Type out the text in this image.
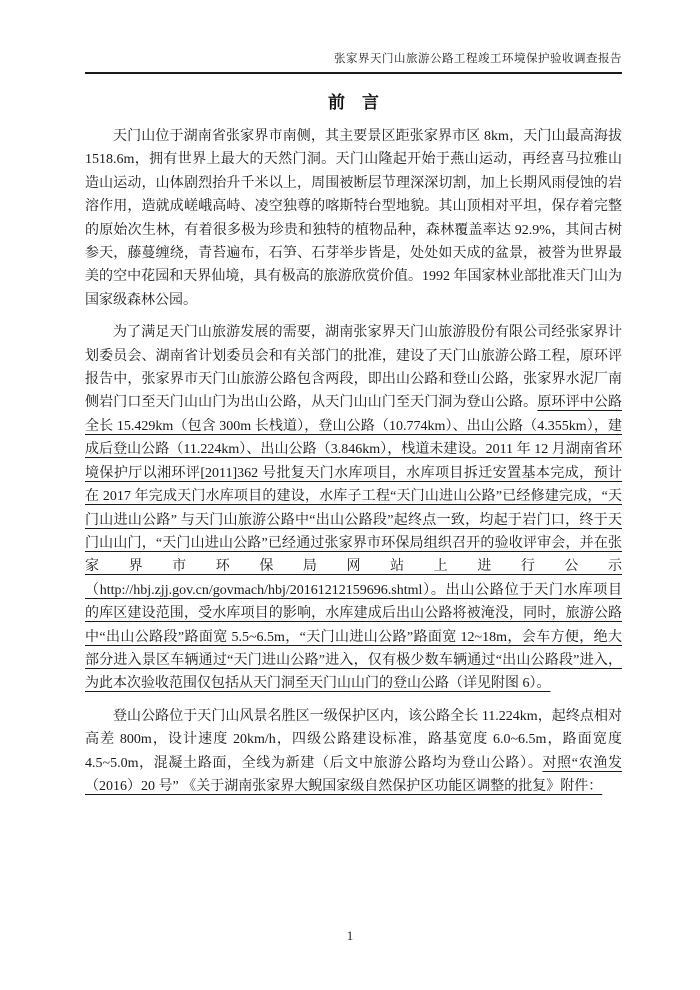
张家界天门山旅游公路工程竣工环境保护验收调查报告
前　言

天门山位于湖南省张家界市南侧，其主要景区距张家界市区 8km，天门山最高海拔 1518.6m，拥有世界上最大的天然门洞。天门山隆起开始于燕山运动，再经喜马拉雅山造山运动，山体剧烈抬升千米以上，周围被断层节理深深切割，加上长期风雨侵蚀的岩溶作用，造就成嵯峨高峙、凌空独尊的喀斯特台型地貌。其山顶相对平坦，保存着完整的原始次生林，有着很多极为珍贵和独特的植物品种，森林覆盖率达 92.9%，其间古树参天，藤蔓缠绕，青苔遍布，石笋、石芽举步皆是，处处如天成的盆景，被誉为世界最美的空中花园和天界仙境，具有极高的旅游欣赏价值。1992 年国家林业部批准天门山为国家级森林公园。

为了满足天门山旅游发展的需要，湖南张家界天门山旅游股份有限公司经张家界计划委员会、湖南省计划委员会和有关部门的批准，建设了天门山旅游公路工程，原环评报告中，张家界市天门山旅游公路包含两段，即出山公路和登山公路，张家界水泥厂南侧岩门口至天门山山门为出山公路，从天门山山门至天门洞为登山公路。原环评中公路全长 15.429km（包含 300m 长栈道），登山公路（10.774km）、出山公路（4.355km），建成后登山公路（11.224km）、出山公路（3.846km），栈道未建设。2011 年 12 月湖南省环境保护厅以湘环评[2011]362 号批复天门水库项目，水库项目拆迁安置基本完成，预计在 2017 年完成天门水库项目的建设，水库子工程“天门山进山公路”已经修建完成，“天门山进山公路” 与天门山旅游公路中“出山公路段”起终点一致，均起于岩门口，终于天门山山门，“天门山进山公路”已经通过张家界市环保局组织召开的验收评审会，并在张家界市环保局网站上进行公示（http://hbj.zjj.gov.cn/govmach/hbj/20161212159696.shtml）。出山公路位于天门水库项目的库区建设范围，受水库项目的影响，水库建成后出山公路将被淹没，同时，旅游公路中“出山公路段”路面宽 5.5~6.5m，“天门山进山公路”路面宽 12~18m，会车方便，绝大部分进入景区车辆通过“天门进山公路”进入，仅有极少数车辆通过“出山公路段”进入，为此本次验收范围仅包括从天门洞至天门山山门的登山公路（详见附图 6）。

登山公路位于天门山风景名胜区一级保护区内，该公路全长 11.224km，起终点相对高差 800m，设计速度 20km/h，四级公路建设标准，路基宽度 6.0~6.5m，路面宽度 4.5~5.0m，混凝土路面，全线为新建（后文中旅游公路均为登山公路）。对照“农渔发（2016）20 号” 《关于湖南张家界大鲵国家级自然保护区功能区调整的批复》附件：

1
